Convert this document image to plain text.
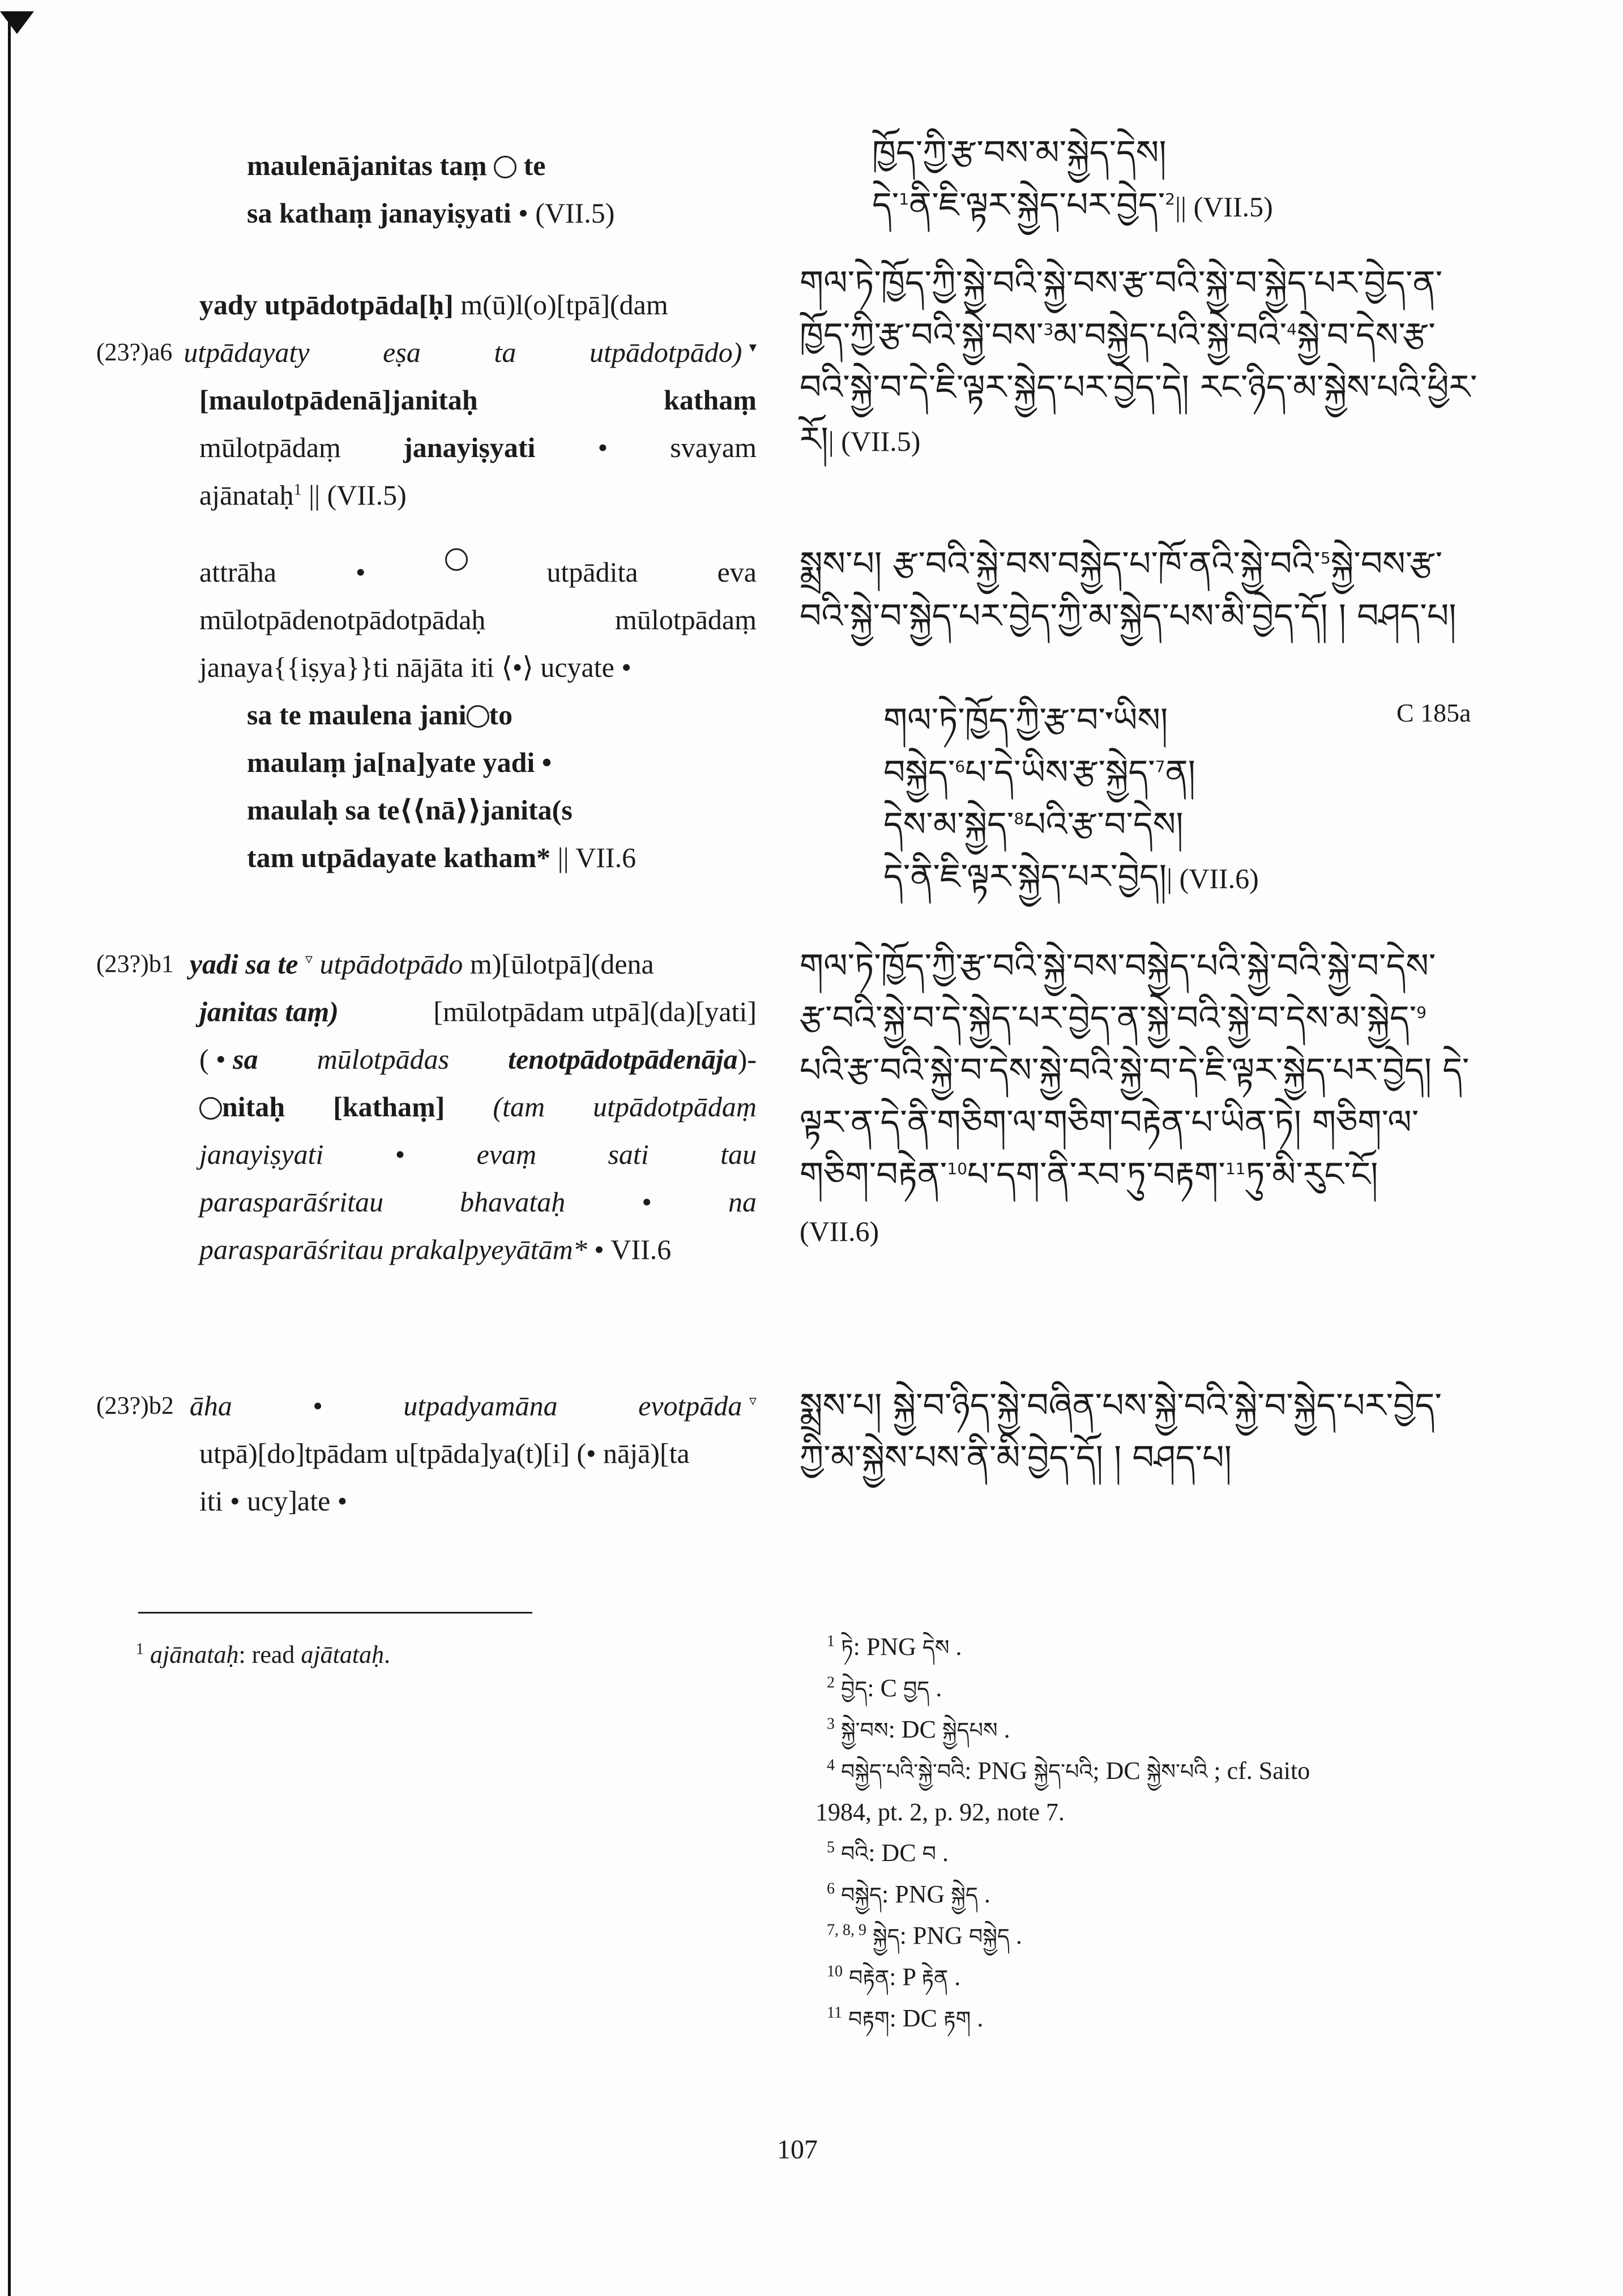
maulenājanitas taṃ te
sa kathaṃ janayiṣyati • (VII.5)
yady utpādotpāda[ḥ] m(ū)l(o)[tpā](dam
(23?)a6 utpādayaty	eṣa	ta	utpādotpādo) ▾
[maulotpādenā]janitaḥ	kathaṃ
mūlotpādaṃ janayiṣyati • svayam
ajānataḥ$^1$ || (VII.5)
attrāha	•	utpādita	eva
mūlotpādenotpādotpādaḥ	mūlotpādaṃ
janaya{{iṣya}}ti nājāta iti ⟨•⟩ ucyate •
sa te maulena jani to
maulaṃ ja[na]yate yadi •
maulaḥ sa te⟨⟨nā⟩⟩janita(s
tam utpādayate katham* || VII.6
(23?)b1 yadi sa te ▿ utpādotpādo m)[ūlotpā](dena
janitas taṃ)	[mūlotpādam utpā](da)[yati]
( • sa mūlotpādas tenotpādotpādenāja)-
nitaḥ [kathaṃ] (tam utpādotpādaṃ
janayiṣyati	•	evaṃ	sati	tau
parasparāśritau	bhavataḥ	•	na
parasparāśritau prakalpyeyātām* • VII.6
(23?)b2 āha	•	utpadyamāna	evotpāda ▿
utpā)[do]tpādam u[tpāda]ya(t)[i] (• nājā)[ta
iti • ucy]ate •
ཁྱོད་ཀྱི་རྩ་བས་མ་སྐྱེད་དེས།
དེ་$^1$ནི་ཇི་ལྟར་སྐྱེད་པར་བྱེད་$^2$|| (VII.5)
གལ་ཏེ་ཁྱོད་ཀྱི་སྐྱེ་བའི་སྐྱེ་བས་རྩ་བའི་སྐྱེ་བ་སྐྱེད་པར་བྱེད་ན་
ཁྱོད་ཀྱི་རྩ་བའི་སྐྱེ་བས་$^3$མ་བསྐྱེད་པའི་སྐྱེ་བའི་$^4$སྐྱེ་བ་དེས་རྩ་
བའི་སྐྱེ་བ་དེ་ཇི་ལྟར་སྐྱེད་པར་བྱེད་དེ། རང་ཉིད་མ་སྐྱེས་པའི་ཕྱིར་
རོ།| (VII.5)
སྨྲས་པ། རྩ་བའི་སྐྱེ་བས་བསྐྱེད་པ་ཁོ་ནའི་སྐྱེ་བའི་$^5$སྐྱེ་བས་རྩ་
བའི་སྐྱེ་བ་སྐྱེད་པར་བྱེད་ཀྱི་མ་སྐྱེད་པས་མི་བྱེད་དོ། ། བཤད་པ།
གལ་ཏེ་ཁྱོད་ཀྱི་རྩ་བ་▾ཡིས།
བསྐྱེད་$^6$པ་དེ་ཡིས་རྩ་སྐྱེད་$^7$ན།
དེས་མ་སྐྱེད་$^8$པའི་རྩ་བ་དེས།
དེ་ནི་ཇི་ལྟར་སྐྱེད་པར་བྱེད།| (VII.6)
C 185a
གལ་ཏེ་ཁྱོད་ཀྱི་རྩ་བའི་སྐྱེ་བས་བསྐྱེད་པའི་སྐྱེ་བའི་སྐྱེ་བ་དེས་
རྩ་བའི་སྐྱེ་བ་དེ་སྐྱེད་པར་བྱེད་ན་སྐྱེ་བའི་སྐྱེ་བ་དེས་མ་སྐྱེད་$^9$
པའི་རྩ་བའི་སྐྱེ་བ་དེས་སྐྱེ་བའི་སྐྱེ་བ་དེ་ཇི་ལྟར་སྐྱེད་པར་བྱེད། དེ་
ལྟར་ན་དེ་ནི་གཅིག་ལ་གཅིག་བརྟེན་པ་ཡིན་ཏེ། གཅིག་ལ་
གཅིག་བརྟེན་$^{10}$པ་དག་ནི་རབ་ཏུ་བརྟག་$^{11}$ཏུ་མི་རུང་ངོ།
(VII.6)
སྨྲས་པ། སྐྱེ་བ་ཉིད་སྐྱེ་བཞིན་པས་སྐྱེ་བའི་སྐྱེ་བ་སྐྱེད་པར་བྱེད་
ཀྱི་མ་སྐྱེས་པས་ནི་མི་བྱེད་དོ། ། བཤད་པ།
$^1$ ajānataḥ: read ajātataḥ.	$^1$ ཏེ: PNG དེས .
$^2$ བྱེད: C བྱད .
$^3$ སྐྱེ་བས: DC སྐྱེདཔས .
$^4$ བསྐྱེད་པའི་སྐྱེ་བའི: PNG སྐྱེད་པའི; DC སྐྱེས་པའི ; cf. Saito
1984, pt. 2, p. 92, note 7.
$^5$ བའི: DC བ .
$^6$ བསྐྱེད: PNG སྐྱེད .
$^{7, 8, 9}$ སྐྱེད: PNG བསྐྱེད .
$^{10}$ བརྟེན: P རྟེན .
$^{11}$ བརྟག: DC རྟག .
107
